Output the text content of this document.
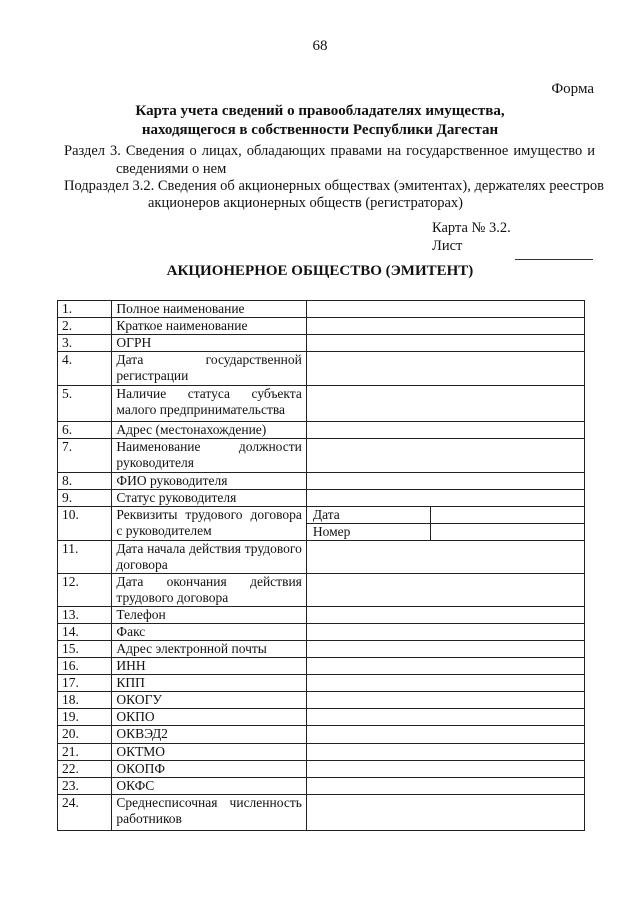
68
Форма
Карта учета сведений о правообладателях имущества,
находящегося в собственности Республики Дагестан
Раздел 3. Сведения о лицах, обладающих правами на государственное имущество и
сведениями о нем
Подраздел 3.2. Сведения об акционерных обществах (эмитентах), держателях реестров
акционеров акционерных обществ (регистраторах)
Карта № 3.2.
Лист
АКЦИОНЕРНОЕ ОБЩЕСТВО (ЭМИТЕНТ)
1.	Полное наименование

2.	Краткое наименование

3.	ОГРН

4.	Дата государственной регистрации

5.	Наличие статуса субъекта малого предпринимательства

6.	Адрес (местонахождение)

7.	Наименование должности руководителя

8.	ФИО руководителя

9.	Статус руководителя

10.	Реквизиты трудового договора с руководителем

Дата	
Номер	

11.	Дата начала действия трудового договора

12.	Дата окончания действия трудового договора

13.	Телефон

14.	Факс

15.	Адрес электронной почты

16.	ИНН

17.	КПП

18.	ОКОГУ

19.	ОКПО

20.	ОКВЭД2

21.	ОКТМО

22.	ОКОПФ

23.	ОКФС

24.	Среднесписочная численность работников
